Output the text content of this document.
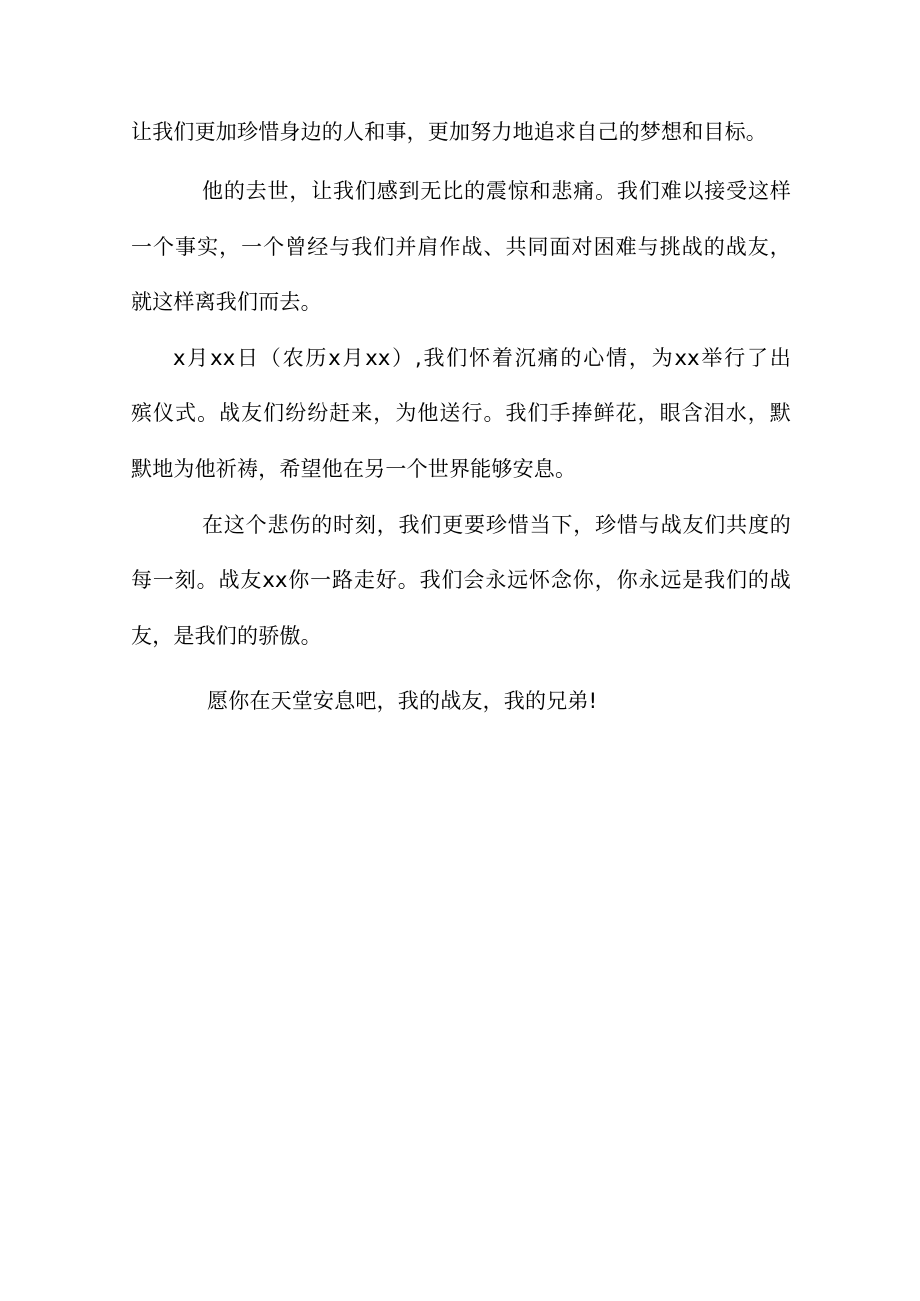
让我们更加珍惜身边的人和事，更加努力地追求自己的梦想和目标。
他的去世，让我们感到无比的震惊和悲痛。我们难以接受这样
一个事实，一个曾经与我们并肩作战、共同面对困难与挑战的战友，
就这样离我们而去。
x月xx日（农历x月xx）,我们怀着沉痛的心情，为xx举行了出
殡仪式。战友们纷纷赶来，为他送行。我们手捧鲜花，眼含泪水，默
默地为他祈祷，希望他在另一个世界能够安息。
在这个悲伤的时刻，我们更要珍惜当下，珍惜与战友们共度的
每一刻。战友xx你一路走好。我们会永远怀念你，你永远是我们的战
友，是我们的骄傲。
愿你在天堂安息吧，我的战友，我的兄弟!
